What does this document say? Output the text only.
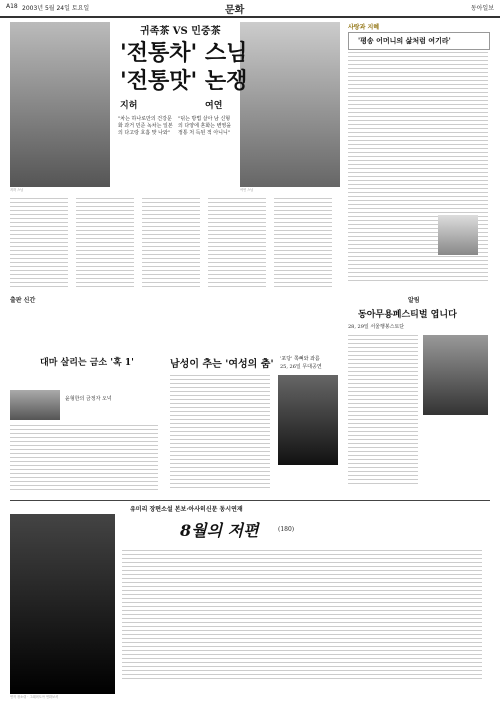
A18 2003년 5월 24일 토요일	문화	동아일보
귀족茶 VS 민중茶
'전통차' 스님
'전통맛' 논쟁
지허	여연
"차는 하나로만의 건강문화 과거 민준 녹차는 일본의 다고랑 호흡 맞 나와"
"덖는 방법 살아 남 신형의 다양에 혼화는 변영을 정통 처 득된 적 아니니"
지허 스님	여연 스님
사랑과 지혜
'평송 어머니의 삶처럼 여기라'
알림
동아무용페스티벌 엽니다
28, 29일 서울행봉스토단
출판 신간
대마 살리는 금소 '혹 1'
윤형한의 금정자 오넉
남성이 추는 '여성의 춤' '포당' 쪽뼈와 좌름
25, 26일 무대공연
유미리 장편소설 본보·아사히신문 동시연재
8월의 저편	(180)
연작 장소령 · 그래픽도아 연화보셔
